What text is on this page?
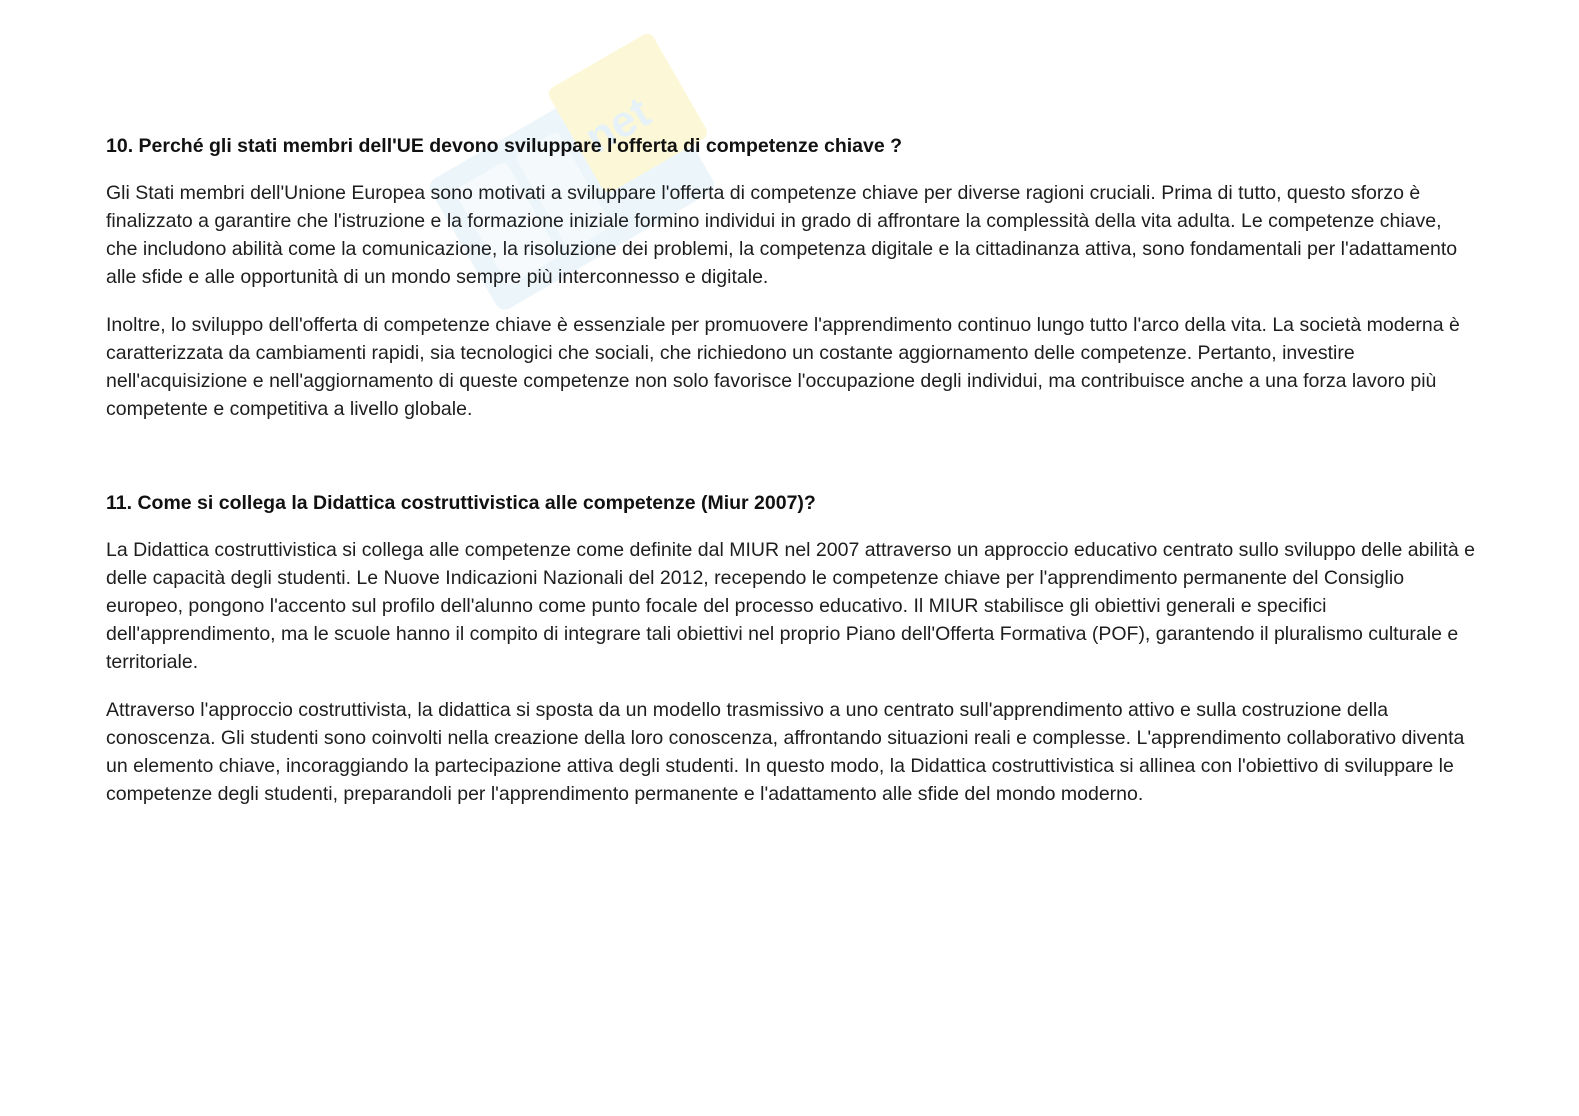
net

10. Perché gli stati membri dell'UE devono sviluppare l'offerta di competenze chiave ?

Gli Stati membri dell'Unione Europea sono motivati a sviluppare l'offerta di competenze chiave per diverse ragioni cruciali. Prima di tutto, questo sforzo è finalizzato a garantire che l'istruzione e la formazione iniziale formino individui in grado di affrontare la complessità della vita adulta. Le competenze chiave, che includono abilità come la comunicazione, la risoluzione dei problemi, la competenza digitale e la cittadinanza attiva, sono fondamentali per l'adattamento alle sfide e alle opportunità di un mondo sempre più interconnesso e digitale.

Inoltre, lo sviluppo dell'offerta di competenze chiave è essenziale per promuovere l'apprendimento continuo lungo tutto l'arco della vita. La società moderna è caratterizzata da cambiamenti rapidi, sia tecnologici che sociali, che richiedono un costante aggiornamento delle competenze. Pertanto, investire nell'acquisizione e nell'aggiornamento di queste competenze non solo favorisce l'occupazione degli individui, ma contribuisce anche a una forza lavoro più competente e competitiva a livello globale.

11. Come si collega la Didattica costruttivistica alle competenze (Miur 2007)?

La Didattica costruttivistica si collega alle competenze come definite dal MIUR nel 2007 attraverso un approccio educativo centrato sullo sviluppo delle abilità e delle capacità degli studenti. Le Nuove Indicazioni Nazionali del 2012, recependo le competenze chiave per l'apprendimento permanente del Consiglio europeo, pongono l'accento sul profilo dell'alunno come punto focale del processo educativo. Il MIUR stabilisce gli obiettivi generali e specifici dell'apprendimento, ma le scuole hanno il compito di integrare tali obiettivi nel proprio Piano dell'Offerta Formativa (POF), garantendo il pluralismo culturale e territoriale.

Attraverso l'approccio costruttivista, la didattica si sposta da un modello trasmissivo a uno centrato sull'apprendimento attivo e sulla costruzione della conoscenza. Gli studenti sono coinvolti nella creazione della loro conoscenza, affrontando situazioni reali e complesse. L'apprendimento collaborativo diventa un elemento chiave, incoraggiando la partecipazione attiva degli studenti. In questo modo, la Didattica costruttivistica si allinea con l'obiettivo di sviluppare le competenze degli studenti, preparandoli per l'apprendimento permanente e l'adattamento alle sfide del mondo moderno.
